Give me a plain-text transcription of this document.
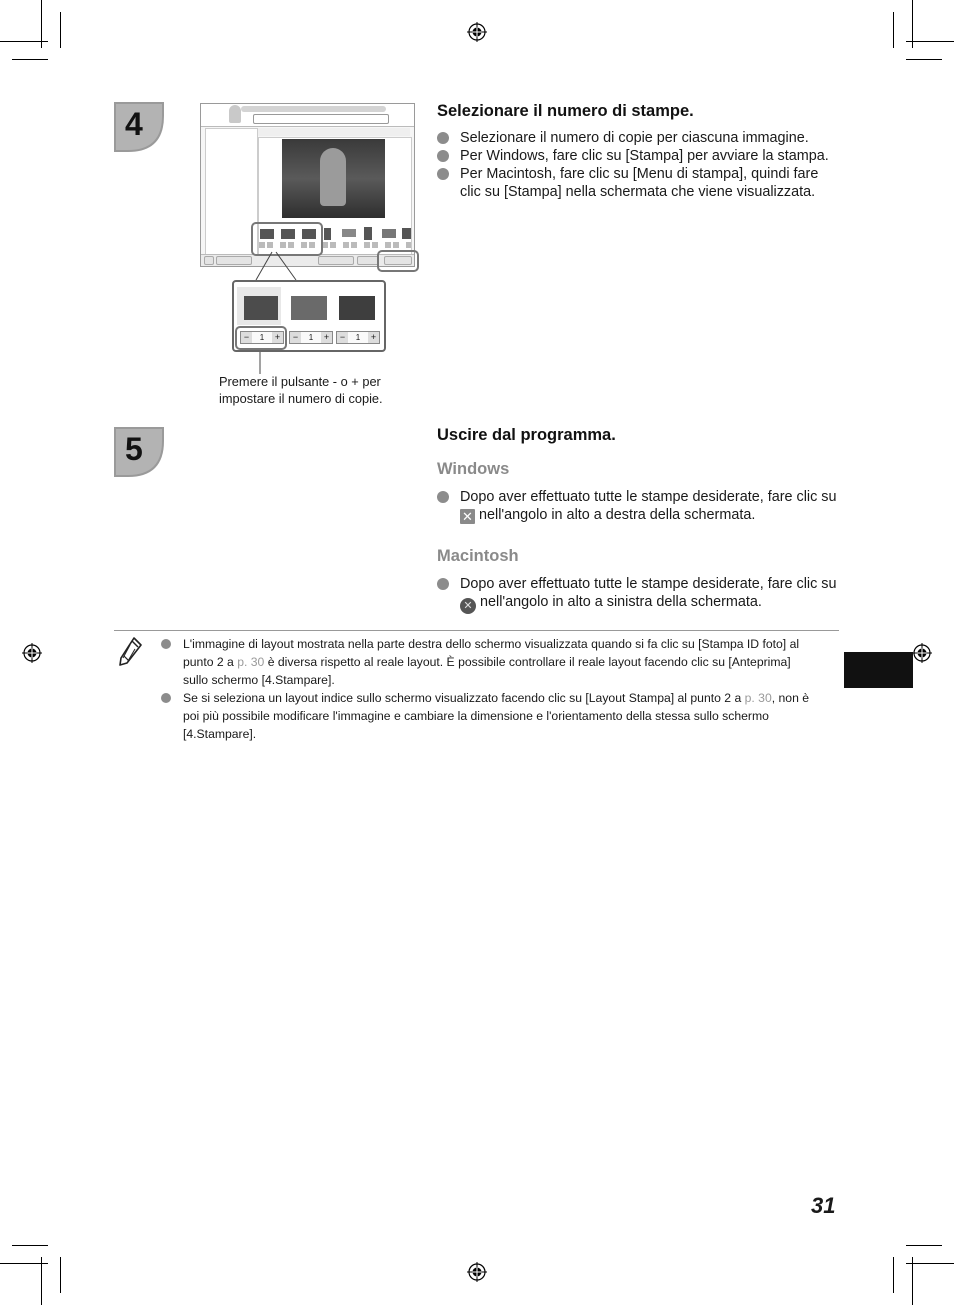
4
−	1	+	−	1	+	−	1	+
Premere il pulsante - o + per impostare il numero di copie.
Selezionare il numero di stampe.
Selezionare il numero di copie per ciascuna immagine.
Per Windows, fare clic su [Stampa] per avviare la stampa.
Per Macintosh, fare clic su [Menu di stampa], quindi fare clic su [Stampa] nella schermata che viene visualizzata.
5	Uscire dal programma.
Windows
Dopo aver effettuato tutte le stampe desiderate, fare clic su ✕ nell'angolo in alto a destra della schermata.
Macintosh
Dopo aver effettuato tutte le stampe desiderate, fare clic su ✕ nell'angolo in alto a sinistra della schermata.
L'immagine di layout mostrata nella parte destra dello schermo visualizzata quando si fa clic su [Stampa ID foto] al punto 2 a p. 30 è diversa rispetto al reale layout. È possibile controllare il reale layout facendo clic su [Anteprima] sullo schermo [4.Stampare].
Se si seleziona un layout indice sullo schermo visualizzato facendo clic su [Layout Stampa] al punto 2 a p. 30, non è poi più possibile modificare l'immagine e cambiare la dimensione e l'orientamento della stessa sullo schermo [4.Stampare].
31
